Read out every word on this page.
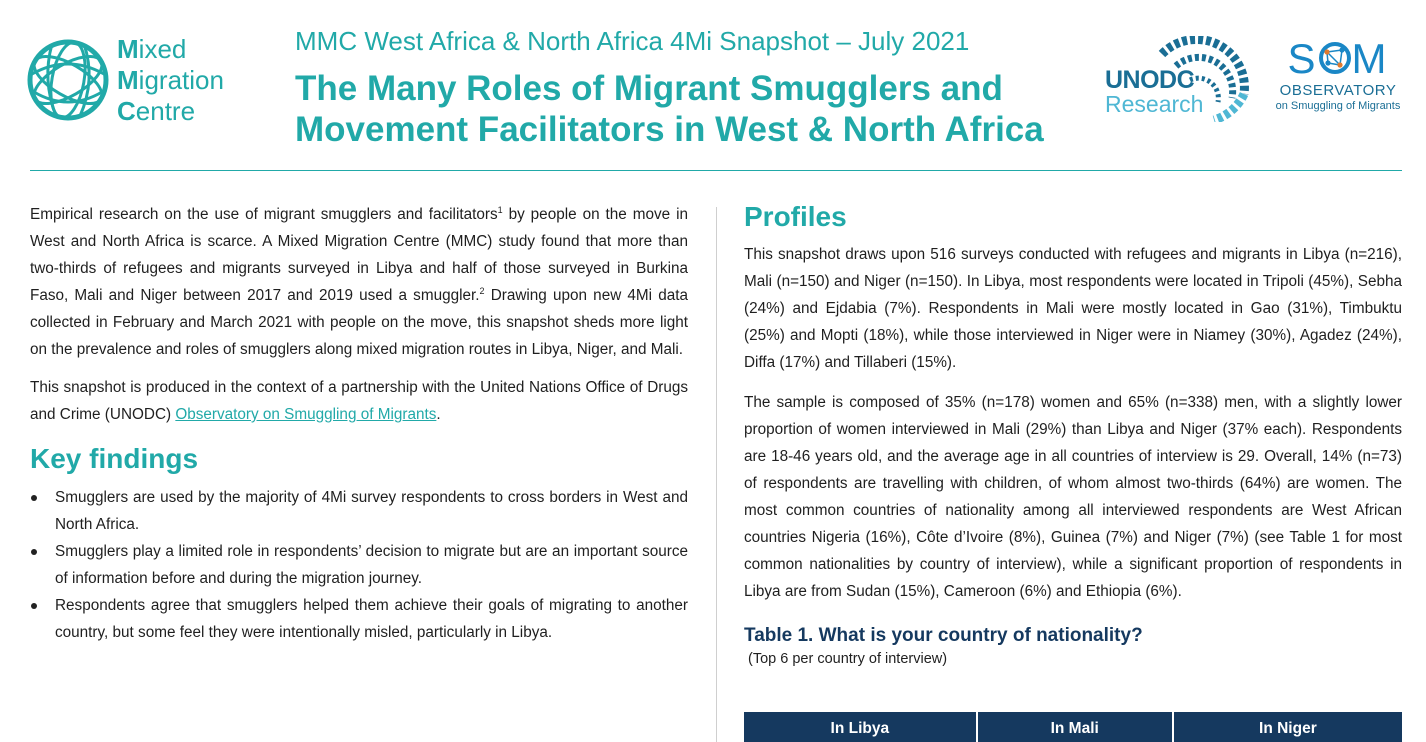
Mixed
Migration
Centre
MMC West Africa & North Africa 4Mi Snapshot – July 2021
The Many Roles of Migrant Smugglers and Movement Facilitators in West & North Africa
UNODC
Research
S M
OBSERVATORY
on Smuggling of Migrants

Empirical research on the use of migrant smugglers and facilitators$^1$ by people on the move in West and North Africa is scarce. A Mixed Migration Centre (MMC) study found that more than two-thirds of refugees and migrants surveyed in Libya and half of those surveyed in Burkina Faso, Mali and Niger between 2017 and 2019 used a smuggler.$^2$ Drawing upon new 4Mi data collected in February and March 2021 with people on the move, this snapshot sheds more light on the prevalence and roles of smugglers along mixed migration routes in Libya, Niger, and Mali.

This snapshot is produced in the context of a partnership with the United Nations Office of Drugs and Crime (UNODC) Observatory on Smuggling of Migrants.

Key findings
Smugglers are used by the majority of 4Mi survey respondents to cross borders in West and North Africa.
Smugglers play a limited role in respondents’ decision to migrate but are an important source of information before and during the migration journey.
Respondents agree that smugglers helped them achieve their goals of migrating to another country, but some feel they were intentionally misled, particularly in Libya.
Profiles

This snapshot draws upon 516 surveys conducted with refugees and migrants in Libya (n=216), Mali (n=150) and Niger (n=150). In Libya, most respondents were located in Tripoli (45%), Sebha (24%) and Ejdabia (7%). Respondents in Mali were mostly located in Gao (31%), Timbuktu (25%) and Mopti (18%), while those interviewed in Niger were in Niamey (30%), Agadez (24%), Diffa (17%) and Tillaberi (15%).

The sample is composed of 35% (n=178) women and 65% (n=338) men, with a slightly lower proportion of women interviewed in Mali (29%) than Libya and Niger (37% each). Respondents are 18-46 years old, and the average age in all countries of interview is 29. Overall, 14% (n=73) of respondents are travelling with children, of whom almost two-thirds (64%) are women. The most common countries of nationality among all interviewed respondents are West African countries Nigeria (16%), Côte d’Ivoire (8%), Guinea (7%) and Niger (7%) (see Table 1 for most common nationalities by country of interview), while a significant proportion of respondents in Libya are from Sudan (15%), Cameroon (6%) and Ethiopia (6%).

Table 1. What is your country of nationality?
(Top 6 per country of interview)
In Libya	In Mali	In Niger
